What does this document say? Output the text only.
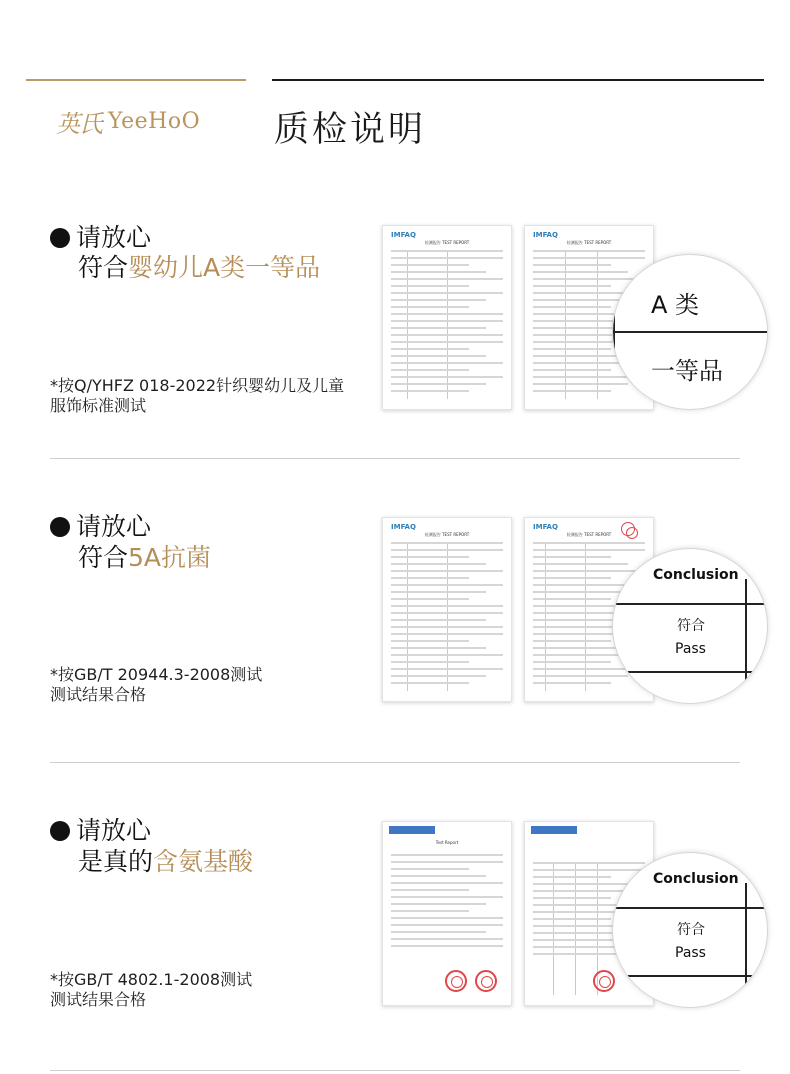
英氏 YeeHoO 质检说明
请放心
符合婴幼儿A类一等品
*按Q/YHFZ 018-2022针织婴幼儿及儿童服饰标准测试
IMFAQ
检测报告 TEST REPORT
IMFAQ
检测报告 TEST REPORT
A 类
一等品
请放心
符合5A抗菌
*按GB/T 20944.3-2008测试
测试结果合格
IMFAQ
检测报告 TEST REPORT
IMFAQ
检测报告 TEST REPORT
Conclusion
符合
Pass
请放心
是真的含氨基酸
*按GB/T 4802.1-2008测试
测试结果合格
Test Report
Conclusion
符合
Pass
